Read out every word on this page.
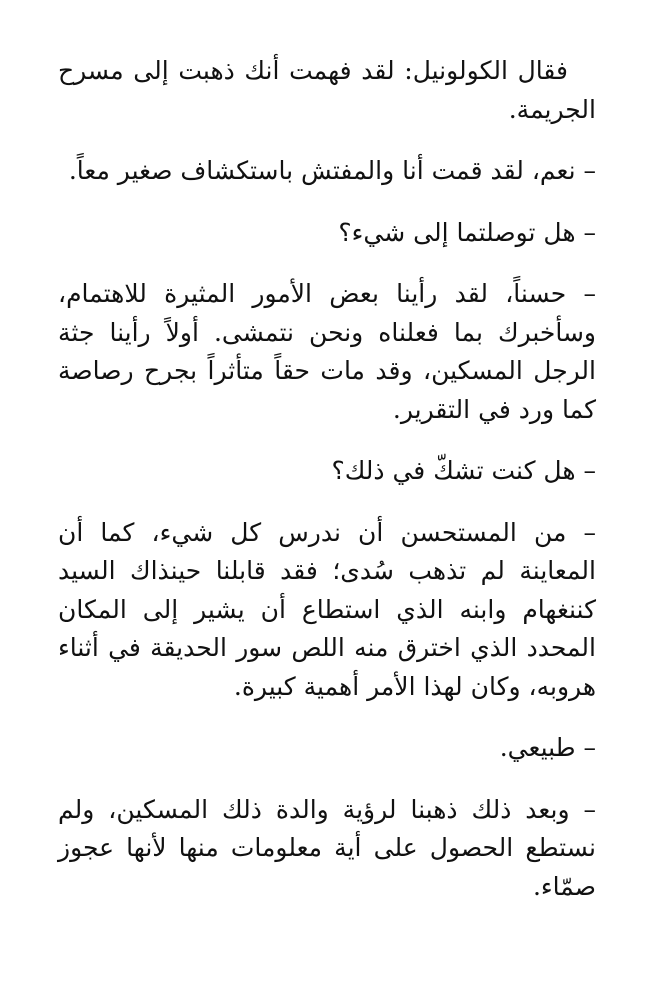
فقال الكولونيل: لقد فهمت أنك ذهبت إلى مسرح الجريمة.

– نعم، لقد قمت أنا والمفتش باستكشاف صغير معاً.

– هل توصلتما إلى شيء؟

– حسناً، لقد رأينا بعض الأمور المثيرة للاهتمام، وسأخبرك بما فعلناه ونحن نتمشى. أولاً رأينا جثة الرجل المسكين، وقد مات حقاً متأثراً بجرح رصاصة كما ورد في التقرير.

– هل كنت تشكّ في ذلك؟

– من المستحسن أن ندرس كل شيء، كما أن المعاينة لم تذهب سُدى؛ فقد قابلنا حينذاك السيد كننغهام وابنه الذي استطاع أن يشير إلى المكان المحدد الذي اخترق منه اللص سور الحديقة في أثناء هروبه، وكان لهذا الأمر أهمية كبيرة.

– طبيعي.

– وبعد ذلك ذهبنا لرؤية والدة ذلك المسكين، ولم نستطع الحصول على أية معلومات منها لأنها عجوز صمّاء.
